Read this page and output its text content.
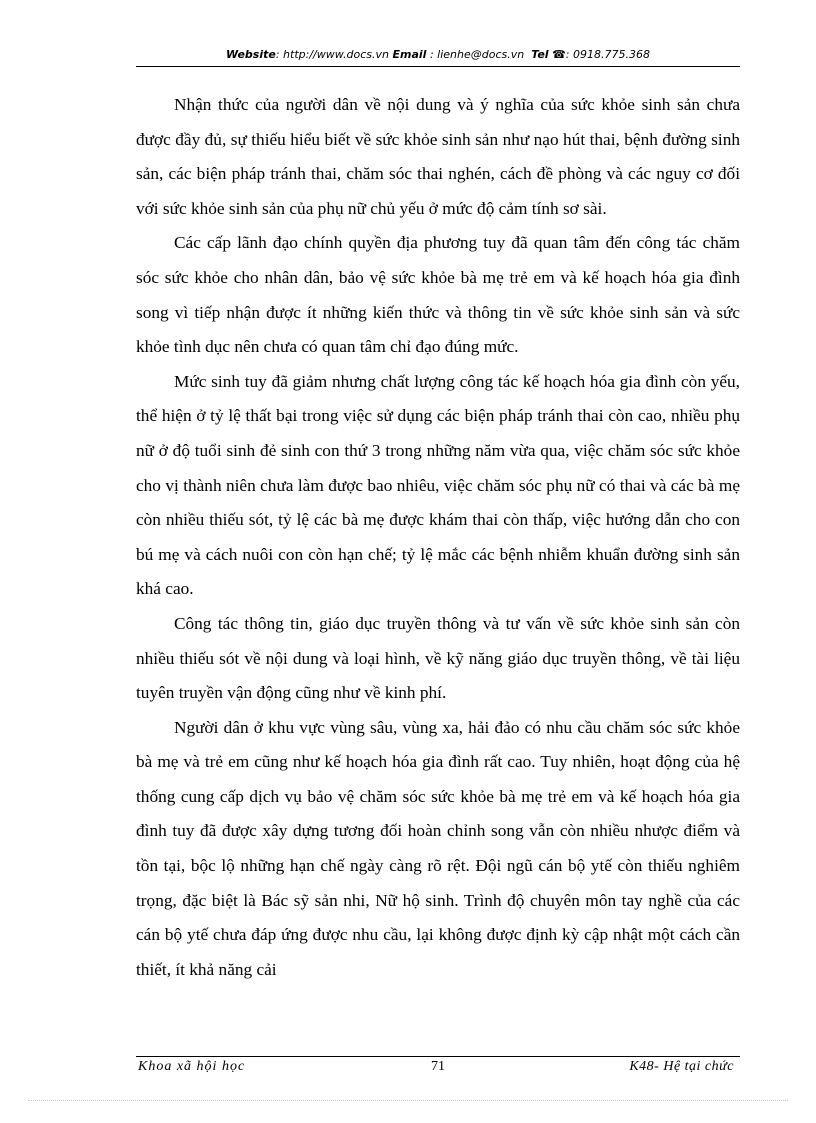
Website: http://www.docs.vn Email : lienhe@docs.vn Tel ☎: 0918.775.368

Nhận thức của người dân về nội dung và ý nghĩa của sức khỏe sinh sản chưa được đầy đủ, sự thiếu hiểu biết về sức khỏe sinh sản như nạo hút thai, bệnh đường sinh sản, các biện pháp tránh thai, chăm sóc thai nghén, cách đề phòng và các nguy cơ đối với sức khỏe sinh sản của phụ nữ chủ yếu ở mức độ cảm tính sơ sài.

Các cấp lãnh đạo chính quyền địa phương tuy đã quan tâm đến công tác chăm sóc sức khỏe cho nhân dân, bảo vệ sức khỏe bà mẹ trẻ em và kế hoạch hóa gia đình song vì tiếp nhận được ít những kiến thức và thông tin về sức khỏe sinh sản và sức khỏe tình dục nên chưa có quan tâm chỉ đạo đúng mức.

Mức sinh tuy đã giảm nhưng chất lượng công tác kế hoạch hóa gia đình còn yếu, thể hiện ở tỷ lệ thất bại trong việc sử dụng các biện pháp tránh thai còn cao, nhiều phụ nữ ở độ tuổi sinh đẻ sinh con thứ 3 trong những năm vừa qua, việc chăm sóc sức khỏe cho vị thành niên chưa làm được bao nhiêu, việc chăm sóc phụ nữ có thai và các bà mẹ còn nhiều thiếu sót, tỷ lệ các bà mẹ được khám thai còn thấp, việc hướng dẫn cho con bú mẹ và cách nuôi con còn hạn chế; tỷ lệ mắc các bệnh nhiễm khuẩn đường sinh sản khá cao.

Công tác thông tin, giáo dục truyền thông và tư vấn về sức khỏe sinh sản còn nhiều thiếu sót về nội dung và loại hình, về kỹ năng giáo dục truyền thông, về tài liệu tuyên truyền vận động cũng như về kinh phí.

Người dân ở khu vực vùng sâu, vùng xa, hải đảo có nhu cầu chăm sóc sức khỏe bà mẹ và trẻ em cũng như kế hoạch hóa gia đình rất cao. Tuy nhiên, hoạt động của hệ thống cung cấp dịch vụ bảo vệ chăm sóc sức khỏe bà mẹ trẻ em và kế hoạch hóa gia đình tuy đã được xây dựng tương đối hoàn chỉnh song vẫn còn nhiều nhược điểm và tồn tại, bộc lộ những hạn chế ngày càng rõ rệt. Đội ngũ cán bộ ytế còn thiếu nghiêm trọng, đặc biệt là Bác sỹ sản nhi, Nữ hộ sinh. Trình độ chuyên môn tay nghề của các cán bộ ytế chưa đáp ứng được nhu cầu, lại không được định kỳ cập nhật một cách cần thiết, ít khả năng cải

Khoa xã hội học	71	K48- Hệ tại chức
